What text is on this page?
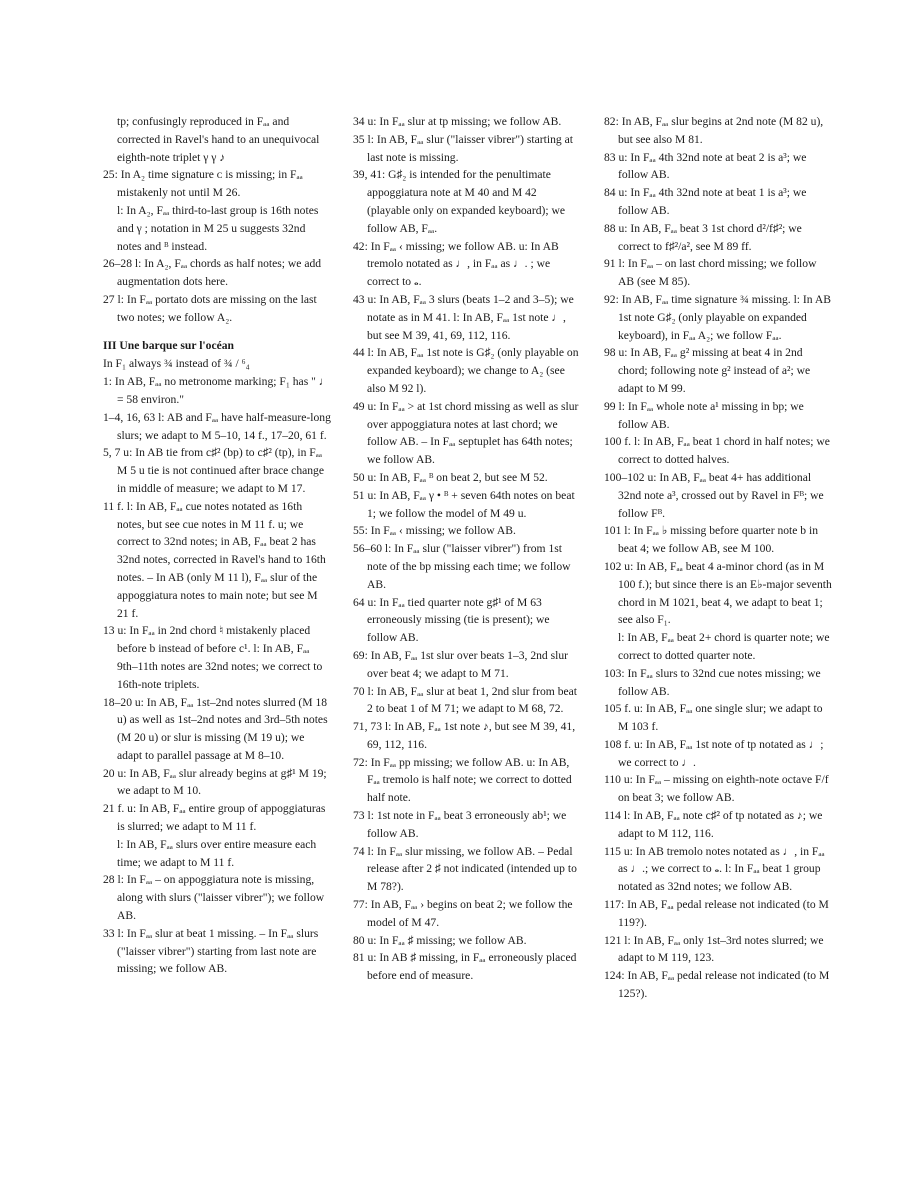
tp; confusingly reproduced in Fₐₐ and corrected in Ravel's hand to an unequivocal eighth-note triplet γ γ ♪

25: In A₂ time signature ᴄ is missing; in Fₐₐ mistakenly not until M 26.

l: In A₂, Fₐₐ third-to-last group is 16th notes and γ ; notation in M 25 u suggests 32nd notes and ᴮ instead.

26–28 l: In A₂, Fₐₐ chords as half notes; we add augmentation dots here.

27 l: In Fₐₐ portato dots are missing on the last two notes; we follow A₂.

III Une barque sur l'océan

In F₁ always ¾ instead of ¾ / ⁶₄

1: In AB, Fₐₐ no metronome marking; F₁ has " ♩ = 58 environ."

1–4, 16, 63 l: AB and Fₐₐ have half-measure-long slurs; we adapt to M 5–10, 14 f., 17–20, 61 f.

5, 7 u: In AB tie from c♯² (bp) to c♯² (tp), in Fₐₐ M 5 u tie is not continued after brace change in middle of measure; we adapt to M 17.

11 f. l: In AB, Fₐₐ cue notes notated as 16th notes, but see cue notes in M 11 f. u; we correct to 32nd notes; in AB, Fₐₐ beat 2 has 32nd notes, corrected in Ravel's hand to 16th notes. – In AB (only M 11 l), Fₐₐ slur of the appoggiatura notes to main note; but see M 21 f.

13 u: In Fₐₐ in 2nd chord ♮ mistakenly placed before b instead of before c¹. l: In AB, Fₐₐ 9th–11th notes are 32nd notes; we correct to 16th-note triplets.

18–20 u: In AB, Fₐₐ 1st–2nd notes slurred (M 18 u) as well as 1st–2nd notes and 3rd–5th notes (M 20 u) or slur is missing (M 19 u); we adapt to parallel passage at M 8–10.

20 u: In AB, Fₐₐ slur already begins at g♯¹ M 19; we adapt to M 10.

21 f. u: In AB, Fₐₐ entire group of appoggiaturas is slurred; we adapt to M 11 f.

l: In AB, Fₐₐ slurs over entire measure each time; we adapt to M 11 f.

28 l: In Fₐₐ – on appoggiatura note is missing, along with slurs ("laisser vibrer"); we follow AB.

33 l: In Fₐₐ slur at beat 1 missing. – In Fₐₐ slurs ("laisser vibrer") starting from last note are missing; we follow AB.

34 u: In Fₐₐ slur at tp missing; we follow AB.

35 l: In AB, Fₐₐ slur ("laisser vibrer") starting at last note is missing.

39, 41: G♯₂ is intended for the penultimate appoggiatura note at M 40 and M 42 (playable only on expanded keyboard); we follow AB, Fₐₐ.

42: In Fₐₐ ‹ missing; we follow AB. u: In AB tremolo notated as ♩, in Fₐₐ as ♩. ; we correct to 𝅝.

43 u: In AB, Fₐₐ 3 slurs (beats 1–2 and 3–5); we notate as in M 41. l: In AB, Fₐₐ 1st note ♩, but see M 39, 41, 69, 112, 116.

44 l: In AB, Fₐₐ 1st note is G♯₂ (only playable on expanded keyboard); we change to A₂ (see also M 92 l).

49 u: In Fₐₐ > at 1st chord missing as well as slur over appoggiatura notes at last chord; we follow AB. – In Fₐₐ septuplet has 64th notes; we follow AB.

50 u: In AB, Fₐₐ ᴮ on beat 2, but see M 52.

51 u: In AB, Fₐₐ γ • ᴮ + seven 64th notes on beat 1; we follow the model of M 49 u.

55: In Fₐₐ ‹ missing; we follow AB.

56–60 l: In Fₐₐ slur ("laisser vibrer") from 1st note of the bp missing each time; we follow AB.

64 u: In Fₐₐ tied quarter note g♯¹ of M 63 erroneously missing (tie is present); we follow AB.

69: In AB, Fₐₐ 1st slur over beats 1–3, 2nd slur over beat 4; we adapt to M 71.

70 l: In AB, Fₐₐ slur at beat 1, 2nd slur from beat 2 to beat 1 of M 71; we adapt to M 68, 72.

71, 73 l: In AB, Fₐₐ 1st note ♪, but see M 39, 41, 69, 112, 116.

72: In Fₐₐ pp missing; we follow AB. u: In AB, Fₐₐ tremolo is half note; we correct to dotted half note.

73 l: 1st note in Fₐₐ beat 3 erroneously ab¹; we follow AB.

74 l: In Fₐₐ slur missing, we follow AB. – Pedal release after 2 ♯ not indicated (intended up to M 78?).

77: In AB, Fₐₐ › begins on beat 2; we follow the model of M 47.

80 u: In Fₐₐ ♯ missing; we follow AB.

81 u: In AB ♯ missing, in Fₐₐ erroneously placed before end of measure.

82: In AB, Fₐₐ slur begins at 2nd note (M 82 u), but see also M 81.

83 u: In Fₐₐ 4th 32nd note at beat 2 is a³; we follow AB.

84 u: In Fₐₐ 4th 32nd note at beat 1 is a³; we follow AB.

88 u: In AB, Fₐₐ beat 3 1st chord d²/f♯²; we correct to f♯²/a², see M 89 ff.

91 l: In Fₐₐ – on last chord missing; we follow AB (see M 85).

92: In AB, Fₐₐ time signature ¾ missing. l: In AB 1st note G♯₂ (only playable on expanded keyboard), in Fₐₐ A₂; we follow Fₐₐ.

98 u: In AB, Fₐₐ g² missing at beat 4 in 2nd chord; following note g² instead of a²; we adapt to M 99.

99 l: In Fₐₐ whole note a¹ missing in bp; we follow AB.

100 f. l: In AB, Fₐₐ beat 1 chord in half notes; we correct to dotted halves.

100–102 u: In AB, Fₐₐ beat 4+ has additional 32nd note a³, crossed out by Ravel in Fᴮ; we follow Fᴮ.

101 l: In Fₐₐ ♭ missing before quarter note b in beat 4; we follow AB, see M 100.

102 u: In AB, Fₐₐ beat 4 a-minor chord (as in M 100 f.); but since there is an E♭-major seventh chord in M 1021, beat 4, we adapt to beat 1; see also F₁.

l: In AB, Fₐₐ beat 2+ chord is quarter note; we correct to dotted quarter note.

103: In Fₐₐ slurs to 32nd cue notes missing; we follow AB.

105 f. u: In AB, Fₐₐ one single slur; we adapt to M 103 f.

108 f. u: In AB, Fₐₐ 1st note of tp notated as ♩; we correct to ♩.

110 u: In Fₐₐ – missing on eighth-note octave F/f on beat 3; we follow AB.

114 l: In AB, Fₐₐ note c♯² of tp notated as ♪; we adapt to M 112, 116.

115 u: In AB tremolo notes notated as ♩, in Fₐₐ as ♩.; we correct to 𝅝. l: In Fₐₐ beat 1 group notated as 32nd notes; we follow AB.

117: In AB, Fₐₐ pedal release not indicated (to M 119?).

121 l: In AB, Fₐₐ only 1st–3rd notes slurred; we adapt to M 119, 123.

124: In AB, Fₐₐ pedal release not indicated (to M 125?).
